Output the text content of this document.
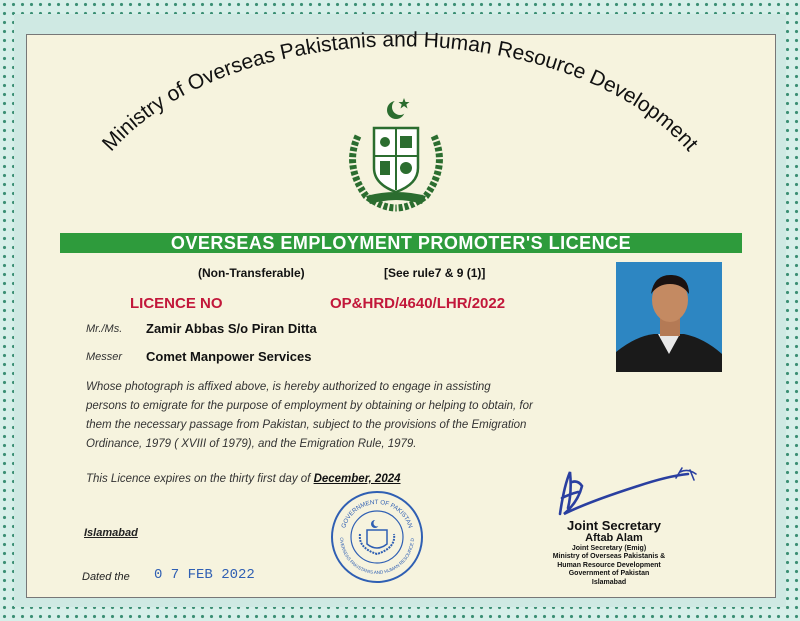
Ministry of Overseas Pakistanis and Human Resource Development
OVERSEAS EMPLOYMENT PROMOTER'S LICENCE
(Non-Transferable)	[See rule7 & 9 (1)]
LICENCE NO	OP&HRD/4640/LHR/2022
Mr./Ms. Zamir Abbas S/o Piran Ditta
Messer Comet Manpower Services
Whose photograph is affixed above, is hereby authorized to engage in assisting
persons to emigrate for the purpose of employment by obtaining or helping to obtain, for
them the necessary passage from Pakistan, subject to the provisions of the Emigration
Ordinance, 1979 ( XVIII of 1979), and the Emigration Rule, 1979.
This Licence expires on the thirty first day of December, 2024
Islamabad
Dated the 0 7 FEB 2022
GOVERNMENT OF PAKISTAN
OVERSEAS PAKISTANIS AND HUMAN RESOURCE D
Joint Secretary
Aftab Alam
Joint Secretary (Emig)
Ministry of Overseas Pakistanis &
Human Resource Development
Government of Pakistan
Islamabad
